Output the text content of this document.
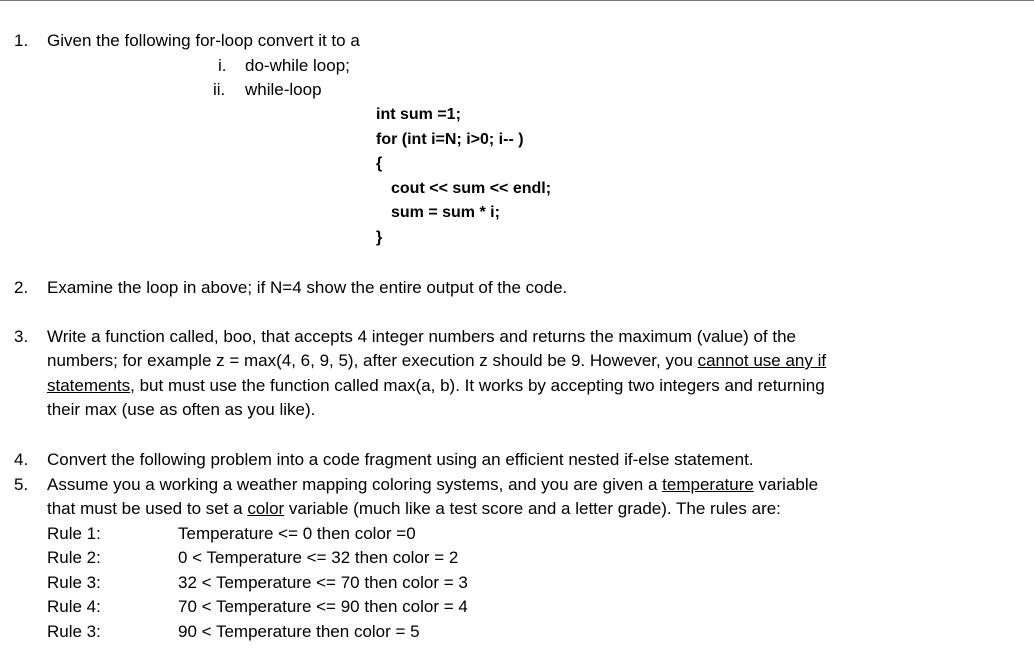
1. Given the following for-loop convert it to a
i. do-while loop;
ii. while-loop
int sum =1;
for (int i=N; i>0; i-- )
{
cout << sum << endl;
sum = sum * i;
}
2. Examine the loop in above; if N=4 show the entire output of the code.
3. Write a function called, boo, that accepts 4 integer numbers and returns the maximum (value) of the
numbers; for example z = max(4, 6, 9, 5), after execution z should be 9. However, you cannot use any if
statements, but must use the function called max(a, b). It works by accepting two integers and returning
their max (use as often as you like).
4. Convert the following problem into a code fragment using an efficient nested if-else statement.
5. Assume you a working a weather mapping coloring systems, and you are given a temperature variable
that must be used to set a color variable (much like a test score and a letter grade). The rules are:
Rule 1:	Temperature <= 0 then color =0
Rule 2:	0 < Temperature <= 32 then color = 2
Rule 3:	32 < Temperature <= 70 then color = 3
Rule 4:	70 < Temperature <= 90 then color = 4
Rule 3:	90 < Temperature then color = 5
